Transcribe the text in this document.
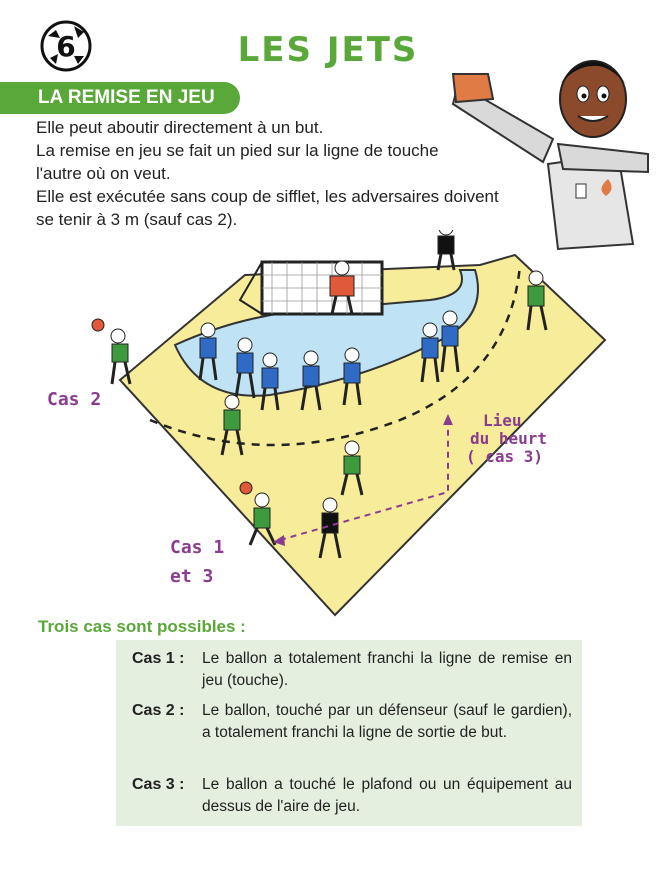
6	LES JETS
LA REMISE EN JEU

Elle peut aboutir directement à un but.

La remise en jeu se fait un pied sur la ligne de touche

l'autre où on veut.

Elle est exécutée sans coup de sifflet, les adversaires doivent

se tenir à 3 m (sauf cas 2).

Cas 2
Lieu
du heurt
( cas 3)
Cas 1
et 3
Trois cas sont possibles :
Cas 1 : Le ballon a totalement franchi la ligne de remise en jeu (touche).
Cas 2 : Le ballon, touché par un défenseur (sauf le gardien), a totalement franchi la ligne de sortie de but.
Cas 3 : Le ballon a touché le plafond ou un équipement au dessus de l'aire de jeu.
